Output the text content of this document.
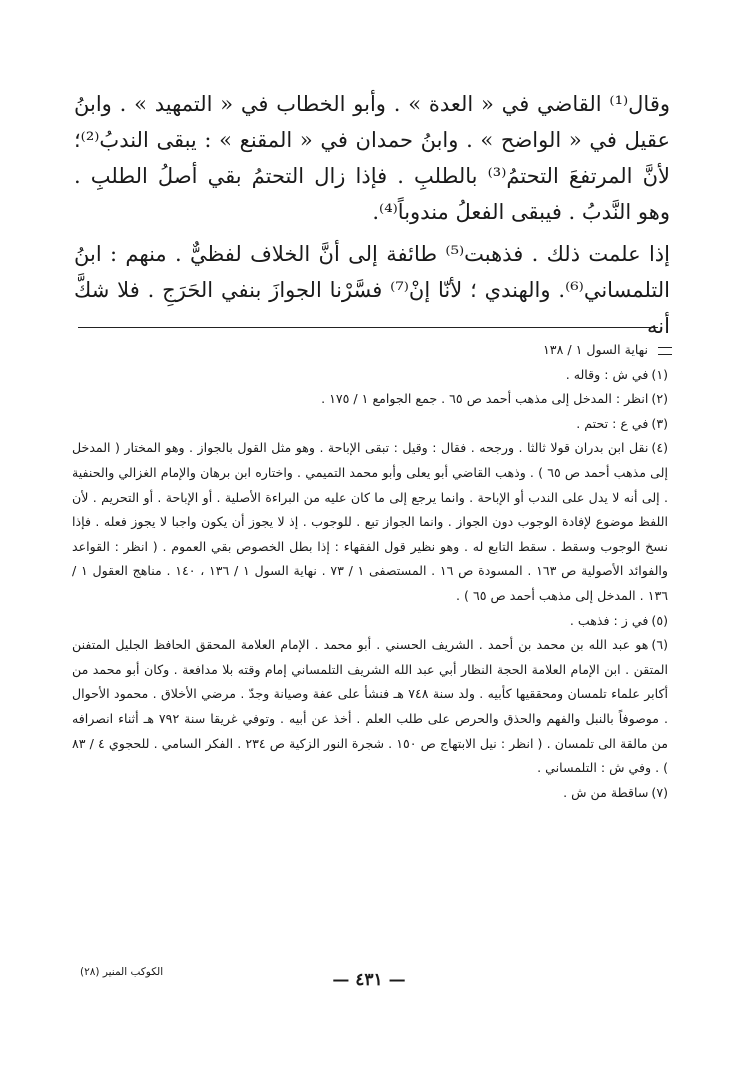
وقال⁽¹⁾ القاضي في « العدة » . وأبو الخطاب في « التمهيد » . وابنُ عقيل في « الواضح » . وابنُ حمدان في « المقنع » : يبقى الندبُ⁽²⁾؛ لأنَّ المرتفعَ التحتمُ⁽³⁾ بالطلبِ . فإذا زال التحتمُ بقي أصلُ الطلبِ . وهو النَّدبُ . فيبقى الفعلُ مندوباً⁽⁴⁾.

إذا علمت ذلك . فذهبت⁽⁵⁾ طائفة إلى أنَّ الخلاف لفظيٌّ . منهم : ابنُ التلمساني⁽⁶⁾. والهندي ؛ لأنّا إنْ⁽⁷⁾ فسَّرْنا الجوازَ بنفي الحَرَجِ . فلا شكَّ أنه

نهاية السول ١ / ١٣٨

(١)في ش : وقاله .

(٢)انظر : المدخل إلى مذهب أحمد ص ٦٥ . جمع الجوامع ١ / ١٧٥ .

(٣)في ع : تحتم .

(٤)نقل ابن بدران قولا ثالثا . ورجحه . فقال : وقيل : تبقى الإباحة . وهو مثل القول بالجواز . وهو المختار ( المدخل إلى مذهب أحمد ص ٦٥ ) . وذهب القاضي أبو يعلى وأبو محمد التميمي . واختاره ابن برهان والإمام الغزالي والحنفية . إلى أنه لا يدل على الندب أو الإباحة . وانما يرجع إلى ما كان عليه من البراءة الأصلية . أو الإباحة . أو التحريم . لأن اللفظ موضوع لإفادة الوجوب دون الجواز . وانما الجواز تبع . للوجوب . إذ لا يجوز أن يكون واجبا لا يجوز فعله . فإذا نسخ الوجوب وسقط . سقط التابع له . وهو نظير قول الفقهاء : إذا بطل الخصوص بقي العموم . ( انظر : القواعد والفوائد الأصولية ص ١٦٣ . المسودة ص ١٦ . المستصفى ١ / ٧٣ . نهاية السول ١ / ١٣٦ ، ١٤٠ . مناهج العقول ١ / ١٣٦ . المدخل إلى مذهب أحمد ص ٦٥ ) .

(٥)في ز : فذهب .

(٦)هو عبد الله بن محمد بن أحمد . الشريف الحسني . أبو محمد . الإمام العلامة المحقق الحافظ الجليل المتفنن المتقن . ابن الإمام العلامة الحجة النظار أبي عبد الله الشريف التلمساني إمام وقته بلا مدافعة . وكان أبو محمد من أكابر علماء تلمسان ومحققيها كأبيه . ولد سنة ٧٤٨ هـ فنشأ على عفة وصيانة وجدّ . مرضي الأخلاق . محمود الأحوال . موصوفاً بالنبل والفهم والحذق والحرص على طلب العلم . أخذ عن أبيه . وتوفي غريقا سنة ٧٩٢ هـ أثناء انصرافه من مالقة الى تلمسان . ( انظر : نيل الابتهاج ص ١٥٠ . شجرة النور الزكية ص ٢٣٤ . الفكر السامي . للحجوي ٤ / ٨٣ ) . وفي ش : التلمساني .

(٧)ساقطة من ش .

— ٤٣١ —
الكوكب المنير (٢٨)
